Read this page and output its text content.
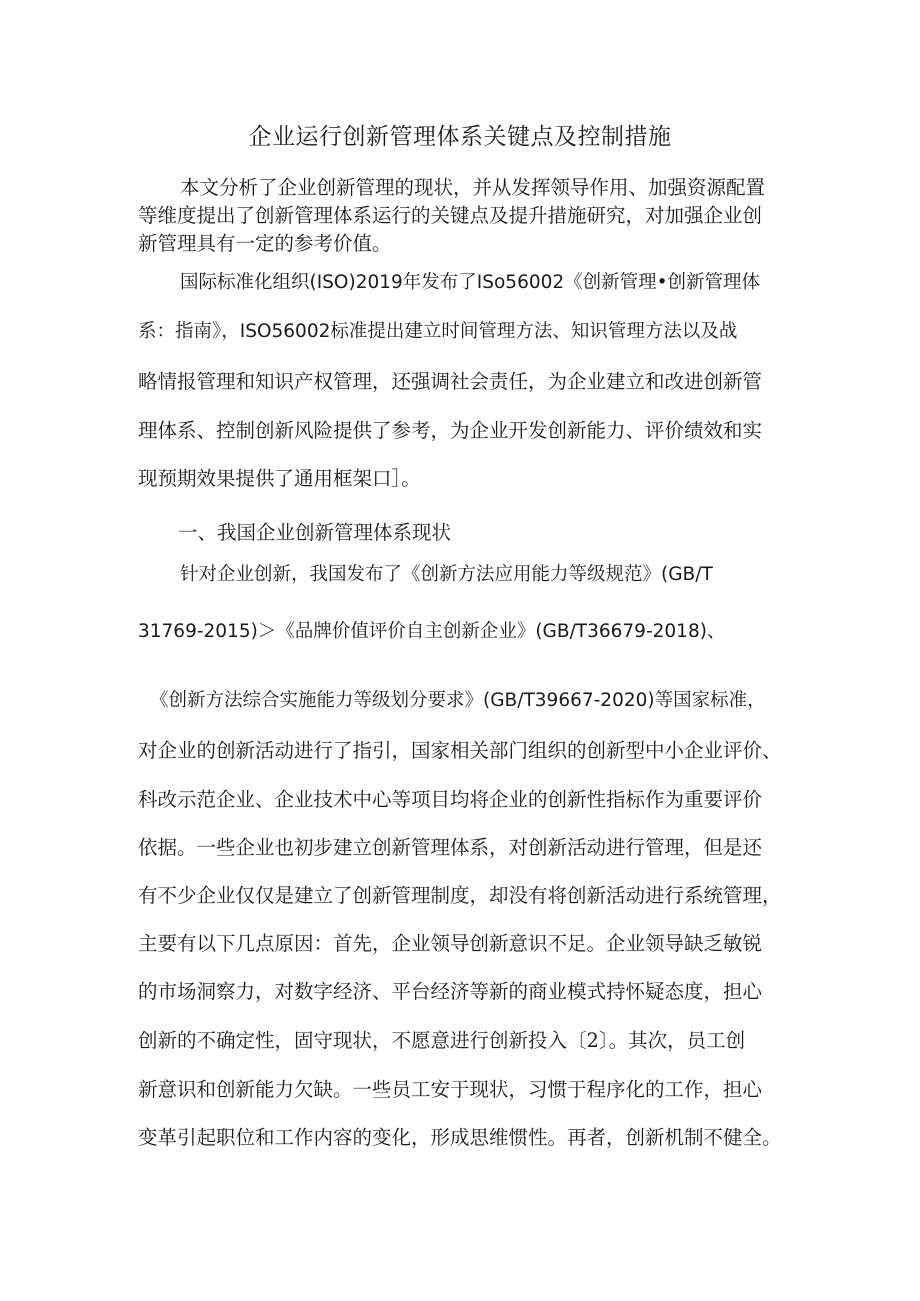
企业运行创新管理体系关键点及控制措施
本文分析了企业创新管理的现状，并从发挥领导作用、加强资源配置
等维度提出了创新管理体系运行的关键点及提升措施研究，对加强企业创
新管理具有一定的参考价值。
国际标准化组织(ISO)2019年发布了ISo56002《创新管理•创新管理体
系：指南》，ISO56002标准提出建立时间管理方法、知识管理方法以及战
略情报管理和知识产权管理，还强调社会责任，为企业建立和改进创新管
理体系、控制创新风险提供了参考，为企业开发创新能力、评价绩效和实
现预期效果提供了通用框架口］。
一、我国企业创新管理体系现状
针对企业创新，我国发布了《创新方法应用能力等级规范》(GB/T
31769-2015)＞《品牌价值评价自主创新企业》(GB/T36679-2018)、
《创新方法综合实施能力等级划分要求》(GB/T39667-2020)等国家标准，
对企业的创新活动进行了指引，国家相关部门组织的创新型中小企业评价、
科改示范企业、企业技术中心等项目均将企业的创新性指标作为重要评价
依据。一些企业也初步建立创新管理体系，对创新活动进行管理，但是还
有不少企业仅仅是建立了创新管理制度，却没有将创新活动进行系统管理，
主要有以下几点原因：首先，企业领导创新意识不足。企业领导缺乏敏锐
的市场洞察力，对数字经济、平台经济等新的商业模式持怀疑态度，担心
创新的不确定性，固守现状，不愿意进行创新投入〔2〕。其次，员工创
新意识和创新能力欠缺。一些员工安于现状，习惯于程序化的工作，担心
变革引起职位和工作内容的变化，形成思维惯性。再者，创新机制不健全。
